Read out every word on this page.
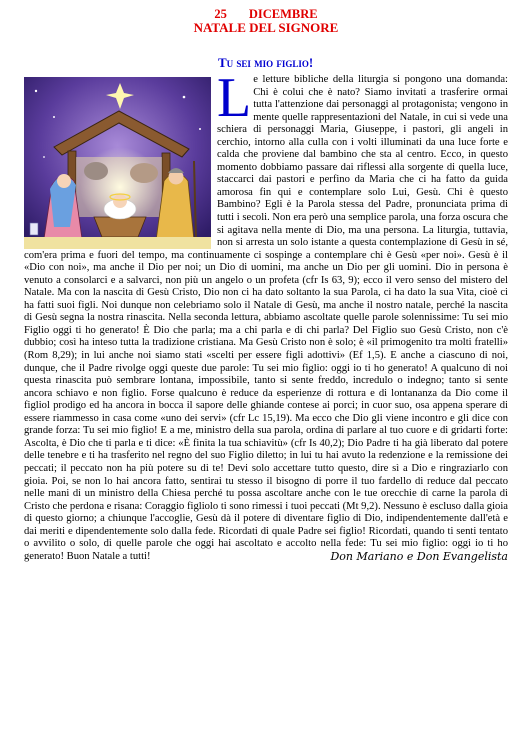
25 DICEMBRE
NATALE DEL SIGNORE
Tu sei mio figlio!
Le letture bibliche della liturgia si pongono una domanda: Chi è colui che è nato? Siamo invitati a trasferire ormai tutta l'attenzione dai personaggi al protagonista; vengono in mente quelle rappresentazioni del Natale, in cui si vede una schiera di personaggi Maria, Giuseppe, i pastori, gli angeli in cerchio, intorno alla culla con i volti illuminati da una luce forte e calda che proviene dal bambino che sta al centro. Ecco, in questo momento dobbiamo passare dai riflessi alla sorgente di quella luce, staccarci dai pastori e perfino da Maria che ci ha fatto da guida amorosa fin qui e contemplare solo Lui, Gesù. Chi è questo Bambino? Egli è la Parola stessa del Padre, pronunciata prima di tutti i secoli. Non era però una semplice parola, una forza oscura che si agitava nella mente di Dio, ma una persona. La liturgia, tuttavia, non si arresta un solo istante a questa contemplazione di Gesù in sé, com'era prima e fuori del tempo, ma continuamente ci sospinge a contemplare chi è Gesù «per noi». Gesù è il «Dio con noi», ma anche il Dio per noi; un Dio di uomini, ma anche un Dio per gli uomini. Dio in persona è venuto a consolarci e a salvarci, non più un angelo o un profeta (cfr Is 63, 9); ecco il vero senso del mistero del Natale. Ma con la nascita di Gesù Cristo, Dio non ci ha dato soltanto la sua Parola, ci ha dato la sua Vita, cioè ci ha fatti suoi figli. Noi dunque non celebriamo solo il Natale di Gesù, ma anche il nostro natale, perché la nascita di Gesù segna la nostra rinascita. Nella seconda lettura, abbiamo ascoltate quelle parole solennissime: Tu sei mio Figlio oggi ti ho generato! È Dio che parla; ma a chi parla e di chi parla? Del Figlio suo Gesù Cristo, non c'è dubbio; così ha inteso tutta la tradizione cristiana. Ma Gesù Cristo non è solo; è «il primogenito tra molti fratelli» (Rom 8,29); in lui anche noi siamo stati «scelti per essere figli adottivi» (Ef 1,5). E anche a ciascuno di noi, dunque, che il Padre rivolge oggi queste due parole: Tu sei mio figlio: oggi io ti ho generato! A qualcuno di noi questa rinascita può sembrare lontana, impossibile, tanto si sente freddo, incredulo o indegno; tanto si sente ancora schiavo e non figlio. Forse qualcuno è reduce da esperienze di rottura e di lontananza da Dio come il figliol prodigo ed ha ancora in bocca il sapore delle ghiande contese ai porci; in cuor suo, osa appena sperare di essere riammesso in casa come «uno dei servi» (cfr Lc 15,19). Ma ecco che Dio gli viene incontro e gli dice con grande forza: Tu sei mio figlio! E a me, ministro della sua parola, ordina di parlare al tuo cuore e di gridarti forte: Ascolta, è Dio che ti parla e ti dice: «È finita la tua schiavitù» (cfr Is 40,2); Dio Padre ti ha già liberato dal potere delle tenebre e ti ha trasferito nel regno del suo Figlio diletto; in lui tu hai avuto la redenzione e la remissione dei peccati; il peccato non ha più potere su di te! Devi solo accettare tutto questo, dire sì a Dio e ringraziarlo con gioia. Poi, se non lo hai ancora fatto, sentirai tu stesso il bisogno di porre il tuo fardello di reduce dal peccato nelle mani di un ministro della Chiesa perché tu possa ascoltare anche con le tue orecchie di carne la parola di Cristo che perdona e risana: Coraggio figliolo ti sono rimessi i tuoi peccati (Mt 9,2). Nessuno è escluso dalla gioia di questo giorno; a chiunque l'accoglie, Gesù dà il potere di diventare figlio di Dio, indipendentemente dall'età e dai meriti e dipendentemente solo dalla fede. Ricordati di quale Padre sei figlio! Ricordati, quando ti senti tentato o avvilito o solo, di quelle parole che oggi hai ascoltato e accolto nella fede: Tu sei mio figlio: oggi io ti ho generato! Buon Natale a tutti!	Don Mariano e Don Evangelista
